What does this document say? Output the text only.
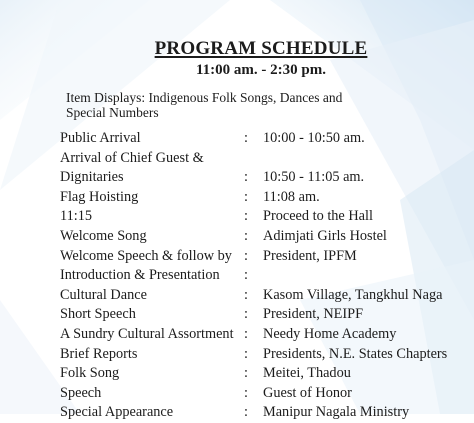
PROGRAM SCHEDULE
11:00 am. - 2:30 pm.
Item Displays: Indigenous Folk Songs, Dances and
Special Numbers
Public Arrival	: 10:00 - 10:50 am.
Arrival of Chief Guest &
Dignitaries	: 10:50 - 11:05 am.
Flag Hoisting	: 11:08 am.
11:15	: Proceed to the Hall
Welcome Song	: Adimjati Girls Hostel
Welcome Speech & follow by : President, IPFM
Introduction & Presentation :
Cultural Dance	: Kasom Village, Tangkhul Naga
Short Speech	: President, NEIPF
A Sundry Cultural Assortment : Needy Home Academy
Brief Reports	: Presidents, N.E. States Chapters
Folk Song	: Meitei, Thadou
Speech	: Guest of Honor
Special Appearance	: Manipur Nagala Ministry
